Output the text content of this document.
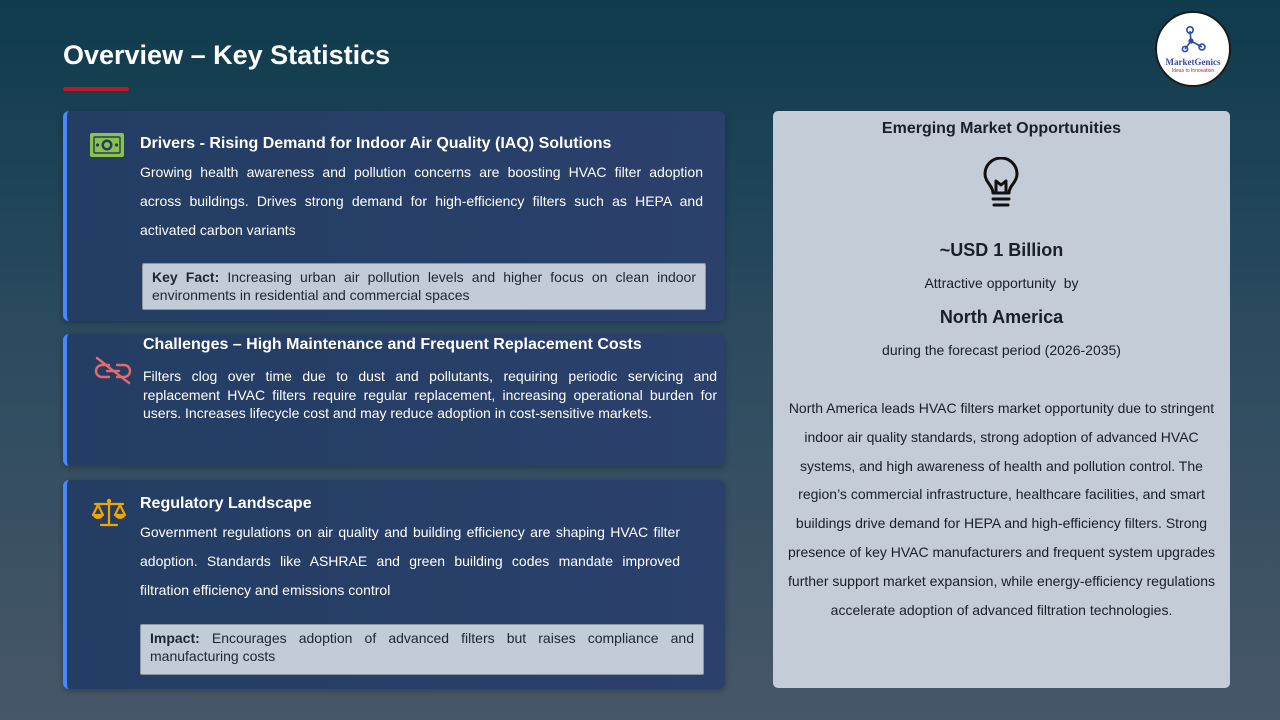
Overview – Key Statistics	MarketGenics
Ideas to Innovation
Drivers - Rising Demand for Indoor Air Quality (IAQ) Solutions
Growing health awareness and pollution concerns are boosting HVAC filter adoption across buildings. Drives strong demand for high-efficiency filters such as HEPA and activated carbon variants
Key Fact: Increasing urban air pollution levels and higher focus on clean indoor environments in residential and commercial spaces
Challenges – High Maintenance and Frequent Replacement Costs
Filters clog over time due to dust and pollutants, requiring periodic servicing and replacement HVAC filters require regular replacement, increasing operational burden for users. Increases lifecycle cost and may reduce adoption in cost-sensitive markets.
Regulatory Landscape
Government regulations on air quality and building efficiency are shaping HVAC filter adoption. Standards like ASHRAE and green building codes mandate improved filtration efficiency and emissions control
Impact: Encourages adoption of advanced filters but raises compliance and manufacturing costs
Emerging Market Opportunities
~USD 1 Billion
Attractive opportunity  by
North America
during the forecast period (2026-2035)
North America leads HVAC filters market opportunity due to stringent indoor air quality standards, strong adoption of advanced HVAC systems, and high awareness of health and pollution control. The region’s commercial infrastructure, healthcare facilities, and smart buildings drive demand for HEPA and high-efficiency filters. Strong presence of key HVAC manufacturers and frequent system upgrades further support market expansion, while energy-efficiency regulations accelerate adoption of advanced filtration technologies.
